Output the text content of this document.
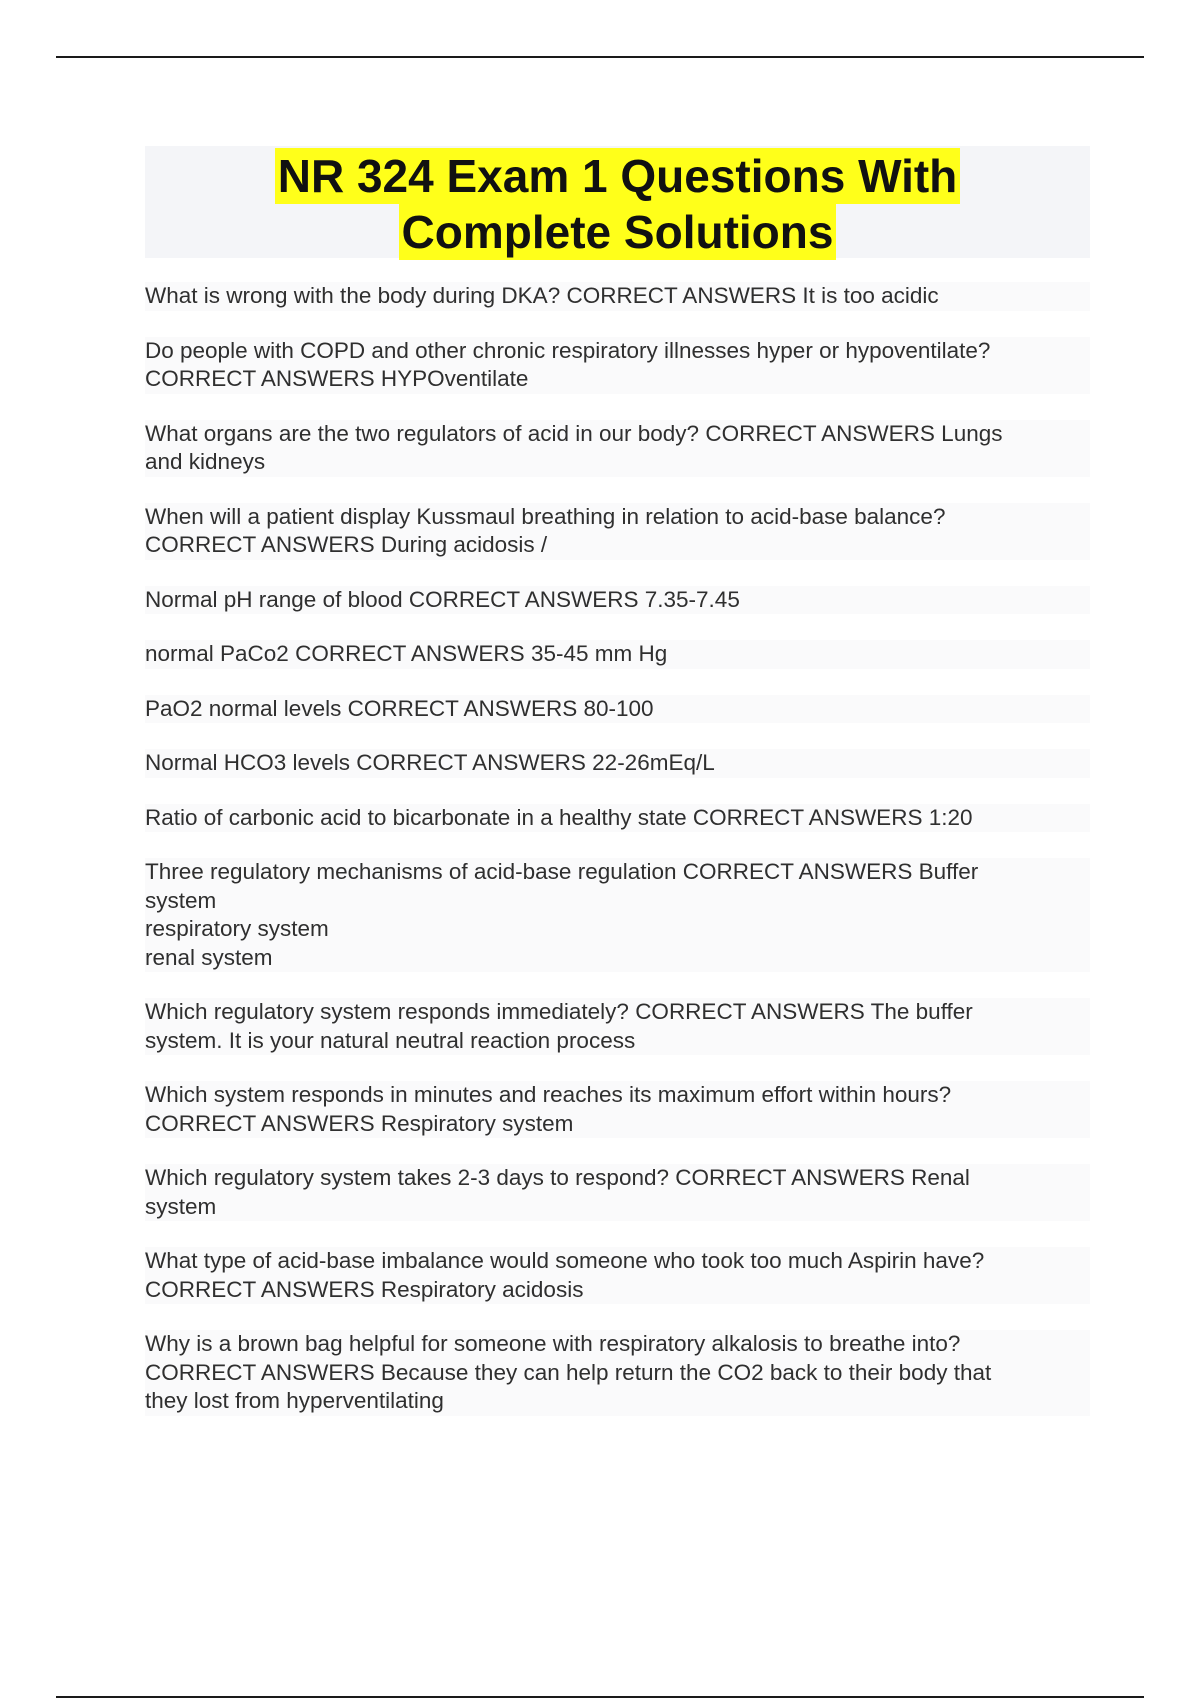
NR 324 Exam 1 Questions With
Complete Solutions

What is wrong with the body during DKA? CORRECT ANSWERS It is too acidic

Do people with COPD and other chronic respiratory illnesses hyper or hypoventilate?
CORRECT ANSWERS HYPOventilate

What organs are the two regulators of acid in our body? CORRECT ANSWERS Lungs
and kidneys

When will a patient display Kussmaul breathing in relation to acid-base balance?
CORRECT ANSWERS During acidosis /

Normal pH range of blood CORRECT ANSWERS 7.35-7.45

normal PaCo2 CORRECT ANSWERS 35-45 mm Hg

PaO2 normal levels CORRECT ANSWERS 80-100

Normal HCO3 levels CORRECT ANSWERS 22-26mEq/L

Ratio of carbonic acid to bicarbonate in a healthy state CORRECT ANSWERS 1:20

Three regulatory mechanisms of acid-base regulation CORRECT ANSWERS Buffer
system
respiratory system
renal system

Which regulatory system responds immediately? CORRECT ANSWERS The buffer
system. It is your natural neutral reaction process

Which system responds in minutes and reaches its maximum effort within hours?
CORRECT ANSWERS Respiratory system

Which regulatory system takes 2-3 days to respond? CORRECT ANSWERS Renal
system

What type of acid-base imbalance would someone who took too much Aspirin have?
CORRECT ANSWERS Respiratory acidosis

Why is a brown bag helpful for someone with respiratory alkalosis to breathe into?
CORRECT ANSWERS Because they can help return the CO2 back to their body that
they lost from hyperventilating
